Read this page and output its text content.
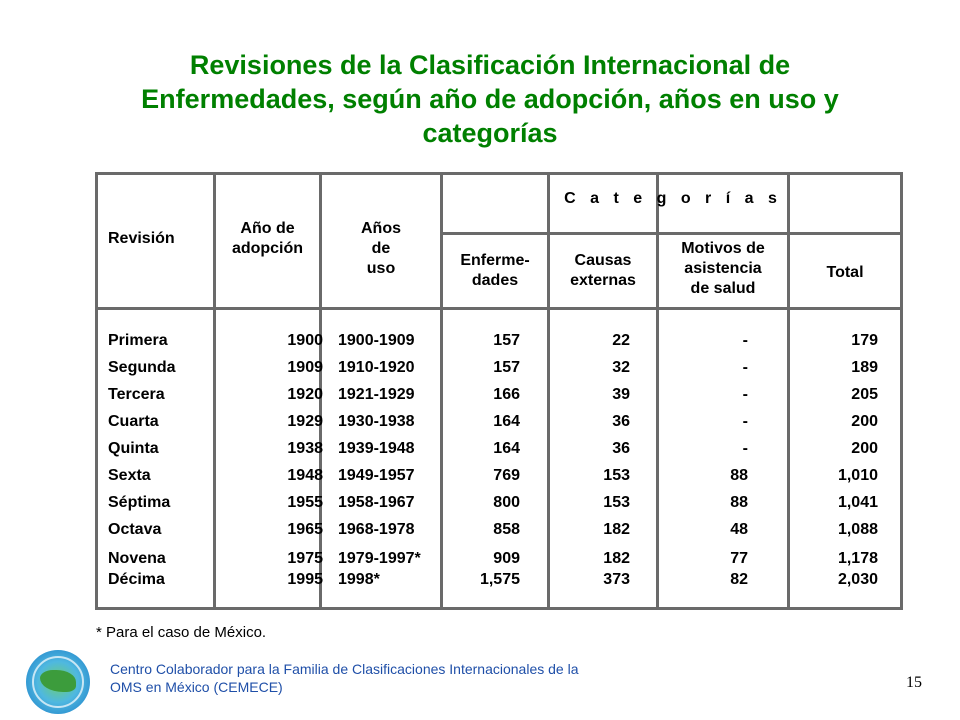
Revisiones de la Clasificación Internacional de
Enfermedades, según año de adopción, años en uso y
categorías
Revisión
Año de
adopción
Años
de
uso
C a t e g o r í a s
Enferme-
dades
Causas
externas
Motivos de
asistencia
de salud
Total
Primera	1900 1900-1909	157	22	-	179
Segunda	1909 1910-1920	157	32	-	189
Tercera	1920 1921-1929	166	39	-	205
Cuarta	1929 1930-1938	164	36	-	200
Quinta	1938 1939-1948	164	36	-	200
Sexta	1948 1949-1957	769	153	88	1,010
Séptima	1955 1958-1967	800	153	88	1,041
Octava	1965 1968-1978	858	182	48	1,088
Novena	1975 1979-1997*	909	182	77	1,178
Décima	1995 1998*	1,575	373	82	2,030
* Para el caso de México.
Centro Colaborador para la Familia de Clasificaciones Internacionales de la
OMS en México (CEMECE)	15
